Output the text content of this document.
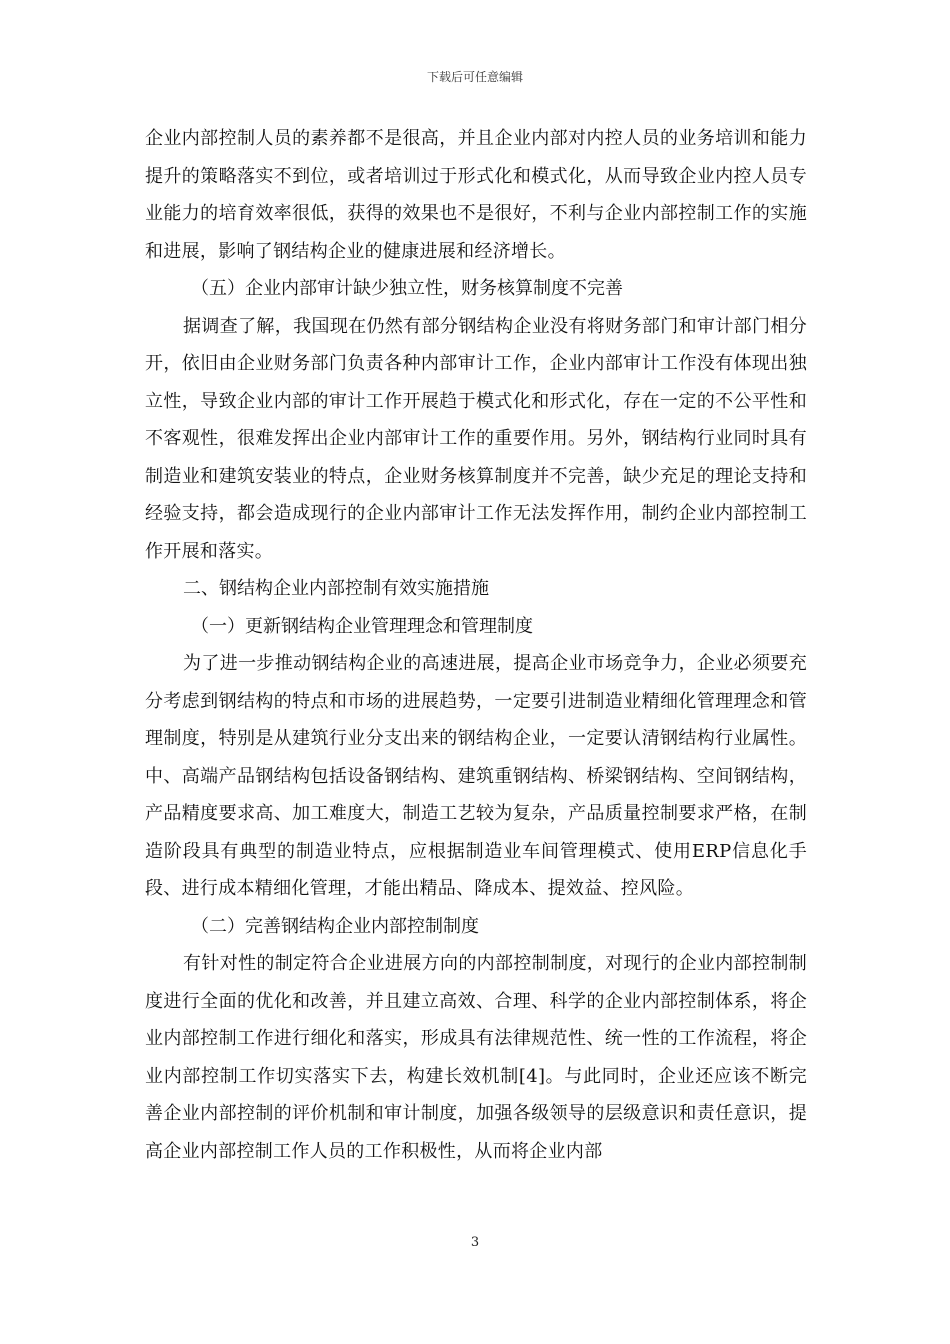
下载后可任意编辑

企业内部控制人员的素养都不是很高，并且企业内部对内控人员的业务培训和能力提升的策略落实不到位，或者培训过于形式化和模式化，从而导致企业内控人员专业能力的培育效率很低，获得的效果也不是很好，不利与企业内部控制工作的实施和进展，影响了钢结构企业的健康进展和经济增长。

（五）企业内部审计缺少独立性，财务核算制度不完善

据调查了解，我国现在仍然有部分钢结构企业没有将财务部门和审计部门相分开，依旧由企业财务部门负责各种内部审计工作，企业内部审计工作没有体现出独立性，导致企业内部的审计工作开展趋于模式化和形式化，存在一定的不公平性和不客观性，很难发挥出企业内部审计工作的重要作用。另外，钢结构行业同时具有制造业和建筑安装业的特点，企业财务核算制度并不完善，缺少充足的理论支持和经验支持，都会造成现行的企业内部审计工作无法发挥作用，制约企业内部控制工作开展和落实。

二、钢结构企业内部控制有效实施措施

（一）更新钢结构企业管理理念和管理制度

为了进一步推动钢结构企业的高速进展，提高企业市场竞争力，企业必须要充分考虑到钢结构的特点和市场的进展趋势，一定要引进制造业精细化管理理念和管理制度，特别是从建筑行业分支出来的钢结构企业，一定要认清钢结构行业属性。中、高端产品钢结构包括设备钢结构、建筑重钢结构、桥梁钢结构、空间钢结构，产品精度要求高、加工难度大，制造工艺较为复杂，产品质量控制要求严格，在制造阶段具有典型的制造业特点，应根据制造业车间管理模式、使用ERP信息化手段、进行成本精细化管理，才能出精品、降成本、提效益、控风险。

（二）完善钢结构企业内部控制制度

有针对性的制定符合企业进展方向的内部控制制度，对现行的企业内部控制制度进行全面的优化和改善，并且建立高效、合理、科学的企业内部控制体系，将企业内部控制工作进行细化和落实，形成具有法律规范性、统一性的工作流程，将企业内部控制工作切实落实下去，构建长效机制[4]。与此同时，企业还应该不断完善企业内部控制的评价机制和审计制度，加强各级领导的层级意识和责任意识，提高企业内部控制工作人员的工作积极性，从而将企业内部

3
